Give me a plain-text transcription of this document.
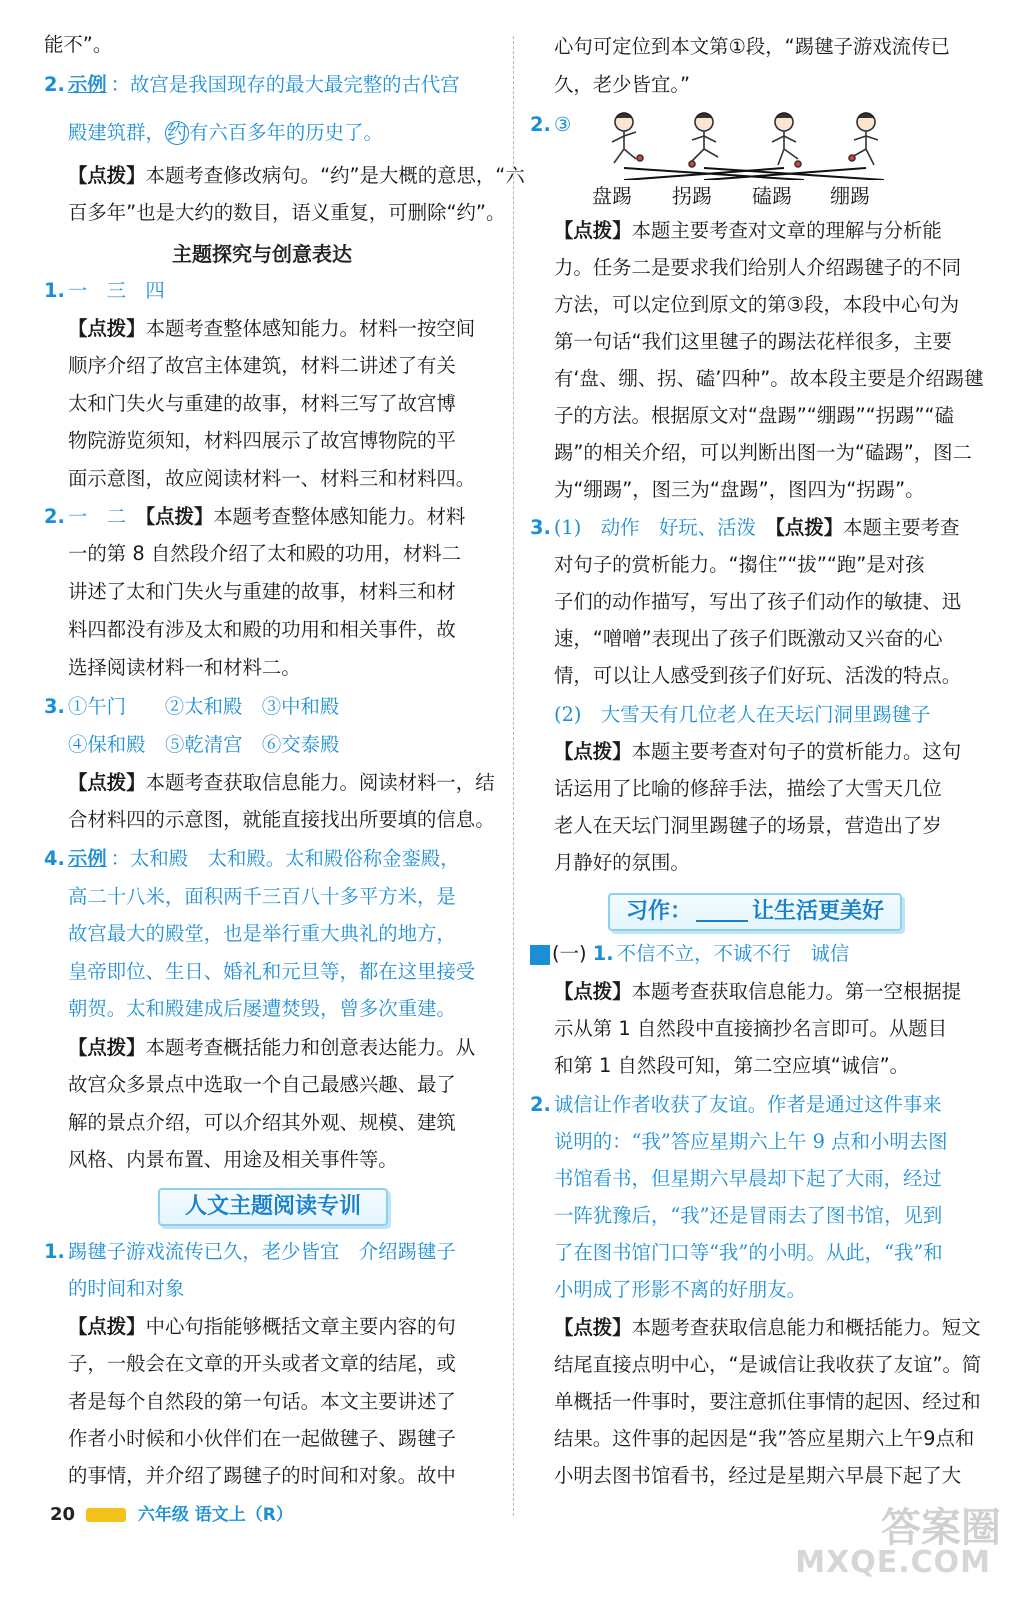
能不”。
2. 示例 ：故宫是我国现存的最大最完整的古代宫
殿建筑群， 约 有六百多年的历史了。
【点拨】本题考查修改病句。“约”是大概的意思，“六
百多年”也是大约的数目，语义重复，可删除“约”。
主题探究与创意表达
1. 一　三　四
【点拨】本题考查整体感知能力。材料一按空间
顺序介绍了故宫主体建筑，材料二讲述了有关
太和门失火与重建的故事，材料三写了故宫博
物院游览须知，材料四展示了故宫博物院的平
面示意图，故应阅读材料一、材料三和材料四。
2. 一　二　 【点拨】本题考查整体感知能力。材料
一的第 8 自然段介绍了太和殿的功用，材料二
讲述了太和门失火与重建的故事，材料三和材
料四都没有涉及太和殿的功用和相关事件，故
选择阅读材料一和材料二。
3. ①午门　　②太和殿　③中和殿
④保和殿　⑤乾清宫　⑥交泰殿
【点拨】本题考查获取信息能力。阅读材料一，结
合材料四的示意图，就能直接找出所要填的信息。
4. 示例 ：太和殿　太和殿。太和殿俗称金銮殿，
高二十八米，面积两千三百八十多平方米，是
故宫最大的殿堂，也是举行重大典礼的地方，
皇帝即位、生日、婚礼和元旦等，都在这里接受
朝贺。太和殿建成后屡遭焚毁，曾多次重建。
【点拨】本题考查概括能力和创意表达能力。从
故宫众多景点中选取一个自己最感兴趣、最了
解的景点介绍，可以介绍其外观、规模、建筑
风格、内景布置、用途及相关事件等。
人文主题阅读专训
1. 踢毽子游戏流传已久，老少皆宜　介绍踢毽子
的时间和对象
【点拨】中心句指能够概括文章主要内容的句
子，一般会在文章的开头或者文章的结尾，或
者是每个自然段的第一句话。本文主要讲述了
作者小时候和小伙伴们在一起做毽子、踢毽子
的事情，并介绍了踢毽子的时间和对象。故中
心句可定位到本文第①段，“踢毽子游戏流传已
久，老少皆宜。”
2. ③
盘踢 拐踢 磕踢 绷踢
【点拨】本题主要考查对文章的理解与分析能
力。任务二是要求我们给别人介绍踢毽子的不同
方法，可以定位到原文的第③段，本段中心句为
第一句话“我们这里毽子的踢法花样很多，主要
有‘盘、绷、拐、磕’四种”。故本段主要是介绍踢毽
子的方法。根据原文对“盘踢”“绷踢”“拐踢”“磕
踢”的相关介绍，可以判断出图一为“磕踢”，图二
为“绷踢”，图三为“盘踢”，图四为“拐踢”。
3. (1)　动作　好玩、活泼　 【点拨】本题主要考查
对句子的赏析能力。“搊住”“拔”“跑”是对孩
子们的动作描写，写出了孩子们动作的敏捷、迅
速，“噌噌”表现出了孩子们既激动又兴奋的心
情，可以让人感受到孩子们好玩、活泼的特点。
(2)　大雪天有几位老人在天坛门洞里踢毽子
【点拨】本题主要考查对句子的赏析能力。这句
话运用了比喻的修辞手法，描绘了大雪天几位
老人在天坛门洞里踢毽子的场景，营造出了岁
月静好的氛围。
习作：	让生活更美好
(一) 1. 不信不立，不诚不行　诚信
【点拨】本题考查获取信息能力。第一空根据提
示从第 1 自然段中直接摘抄名言即可。从题目
和第 1 自然段可知，第二空应填“诚信”。
2. 诚信让作者收获了友谊。作者是通过这件事来
说明的：“我”答应星期六上午 9 点和小明去图
书馆看书，但星期六早晨却下起了大雨，经过
一阵犹豫后，“我”还是冒雨去了图书馆，见到
了在图书馆门口等“我”的小明。从此，“我”和
小明成了形影不离的好朋友。
【点拨】本题考查获取信息能力和概括能力。短文
结尾直接点明中心，“是诚信让我收获了友谊”。简
单概括一件事时，要注意抓住事情的起因、经过和
结果。这件事的起因是“我”答应星期六上午9点和
小明去图书馆看书，经过是星期六早晨下起了大
20	六年级 语文上（R）	答案圈
MXQE.COM
